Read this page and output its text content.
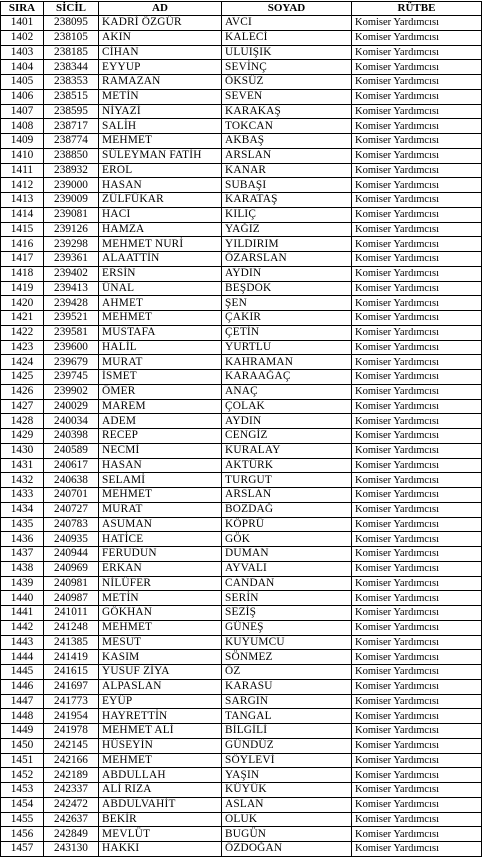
SIRA	SİCİL	AD	SOYAD	RÜTBE
1401	238095	KADRİ ÖZGÜR	AVCI	Komiser Yardımcısı
1402	238105	AKIN	KALECİ	Komiser Yardımcısı
1403	238185	CİHAN	ULUIŞIK	Komiser Yardımcısı
1404	238344	EYYUP	SEVİNÇ	Komiser Yardımcısı
1405	238353	RAMAZAN	ÖKSÜZ	Komiser Yardımcısı
1406	238515	METİN	SEVEN	Komiser Yardımcısı
1407	238595	NİYAZİ	KARAKAŞ	Komiser Yardımcısı
1408	238717	SALİH	TOKCAN	Komiser Yardımcısı
1409	238774	MEHMET	AKBAŞ	Komiser Yardımcısı
1410	238850	SÜLEYMAN FATİH	ARSLAN	Komiser Yardımcısı
1411	238932	EROL	KANAR	Komiser Yardımcısı
1412	239000	HASAN	SUBAŞI	Komiser Yardımcısı
1413	239009	ZÜLFÜKAR	KARATAŞ	Komiser Yardımcısı
1414	239081	HACI	KILIÇ	Komiser Yardımcısı
1415	239126	HAMZA	YAĞIZ	Komiser Yardımcısı
1416	239298	MEHMET NURİ	YILDIRIM	Komiser Yardımcısı
1417	239361	ALAATTİN	ÖZARSLAN	Komiser Yardımcısı
1418	239402	ERSİN	AYDIN	Komiser Yardımcısı
1419	239413	ÜNAL	BEŞDOK	Komiser Yardımcısı
1420	239428	AHMET	ŞEN	Komiser Yardımcısı
1421	239521	MEHMET	ÇAKIR	Komiser Yardımcısı
1422	239581	MUSTAFA	ÇETİN	Komiser Yardımcısı
1423	239600	HALİL	YURTLU	Komiser Yardımcısı
1424	239679	MURAT	KAHRAMAN	Komiser Yardımcısı
1425	239745	İSMET	KARAAĞAÇ	Komiser Yardımcısı
1426	239902	ÖMER	ANAÇ	Komiser Yardımcısı
1427	240029	MAREM	ÇOLAK	Komiser Yardımcısı
1428	240034	ADEM	AYDIN	Komiser Yardımcısı
1429	240398	RECEP	CENGİZ	Komiser Yardımcısı
1430	240589	NECMİ	KURALAY	Komiser Yardımcısı
1431	240617	HASAN	AKTÜRK	Komiser Yardımcısı
1432	240638	SELAMİ	TURGUT	Komiser Yardımcısı
1433	240701	MEHMET	ARSLAN	Komiser Yardımcısı
1434	240727	MURAT	BOZDAĞ	Komiser Yardımcısı
1435	240783	ASUMAN	KÖPRÜ	Komiser Yardımcısı
1436	240935	HATİCE	GÖK	Komiser Yardımcısı
1437	240944	FERUDUN	DUMAN	Komiser Yardımcısı
1438	240969	ERKAN	AYVALI	Komiser Yardımcısı
1439	240981	NİLÜFER	CANDAN	Komiser Yardımcısı
1440	240987	METİN	SERİN	Komiser Yardımcısı
1441	241011	GÖKHAN	SEZİŞ	Komiser Yardımcısı
1442	241248	MEHMET	GÜNEŞ	Komiser Yardımcısı
1443	241385	MESUT	KUYUMCU	Komiser Yardımcısı
1444	241419	KASIM	SÖNMEZ	Komiser Yardımcısı
1445	241615	YUSUF ZİYA	ÖZ	Komiser Yardımcısı
1446	241697	ALPASLAN	KARASU	Komiser Yardımcısı
1447	241773	EYÜP	SARGIN	Komiser Yardımcısı
1448	241954	HAYRETTİN	TANGAL	Komiser Yardımcısı
1449	241978	MEHMET ALİ	BİLGİLİ	Komiser Yardımcısı
1450	242145	HÜSEYİN	GÜNDÜZ	Komiser Yardımcısı
1451	242166	MEHMET	SÖYLEVİ	Komiser Yardımcısı
1452	242189	ABDULLAH	YAŞIN	Komiser Yardımcısı
1453	242337	ALİ RIZA	KÜYÜK	Komiser Yardımcısı
1454	242472	ABDULVAHİT	ASLAN	Komiser Yardımcısı
1455	242637	BEKİR	OLUK	Komiser Yardımcısı
1456	242849	MEVLÜT	BUGÜN	Komiser Yardımcısı
1457	243130	HAKKI	ÖZDOĞAN	Komiser Yardımcısı
